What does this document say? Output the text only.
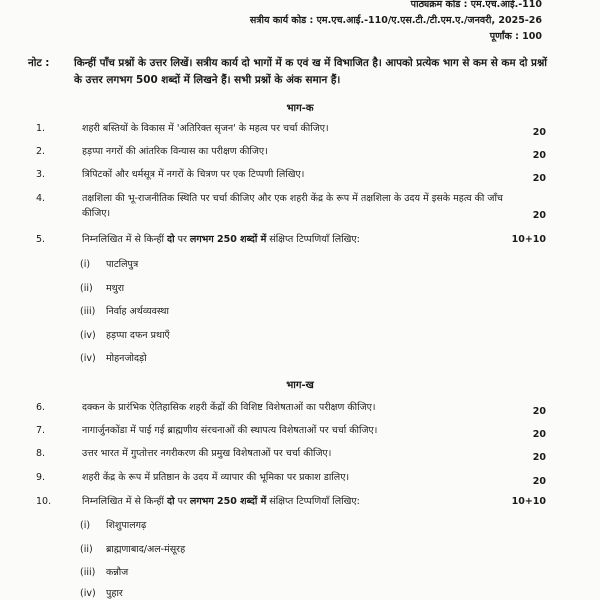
पाठ्यक्रम कोड : एम.एच.आई.-110
सत्रीय कार्य कोड : एम.एच.आई.-110/ए.एस.टी./टी.एम.ए./जनवरी, 2025-26
पूर्णांक : 100
नोट :	किन्हीं पाँच प्रश्नों के उत्तर लिखें। सत्रीय कार्य दो भागों में क एवं ख में विभाजित है। आपको प्रत्येक भाग से कम से कम दो प्रश्नों के उत्तर लगभग 500 शब्दों में लिखने हैं। सभी प्रश्नों के अंक समान हैं।
भाग-क
1.	शहरी बस्तियों के विकास में 'अतिरिक्त सृजन' के महत्व पर चर्चा कीजिए।	20
2.	हड़प्पा नगरों की आंतरिक विन्यास का परीक्षण कीजिए।	20
3.	त्रिपिटकों और धर्मसूत्र में नगरों के चित्रण पर एक टिप्पणी लिखिए।	20
4.	तक्षशिला की भू-राजनीतिक स्थिति पर चर्चा कीजिए और एक शहरी केंद्र के रूप में तक्षशिला के उदय में इसके महत्व की जाँच कीजिए।	20
5.	निम्नलिखित में से किन्हीं दो पर लगभग 250 शब्दों में संक्षिप्त टिप्पणियाँ लिखिए:	10+10
(i) पाटलिपुत्र
(ii) मथुरा
(iii) निर्वाह अर्थव्यवस्था
(iv) हड़प्पा दफन प्रथाएँ
(iv) मोहनजोदड़ो
भाग-ख
6.	दक्कन के प्रारंभिक ऐतिहासिक शहरी केंद्रों की विशिष्ट विशेषताओं का परीक्षण कीजिए।	20
7.	नागार्जुनकोंडा में पाई गई ब्राह्मणीय संरचनाओं की स्थापत्य विशेषताओं पर चर्चा कीजिए।	20
8.	उत्तर भारत में गुप्तोत्तर नगरीकरण की प्रमुख विशेषताओं पर चर्चा कीजिए।	20
9.	शहरी केंद्र के रूप में प्रतिष्ठान के उदय में व्यापार की भूमिका पर प्रकाश डालिए।	20
10.	निम्नलिखित में से किन्हीं दो पर लगभग 250 शब्दों में संक्षिप्त टिप्पणियाँ लिखिए:	10+10
(i) शिशुपालगढ़
(ii) ब्राह्मणाबाद/अल-मंसूरह
(iii) कन्नौज
(iv) पुहार
